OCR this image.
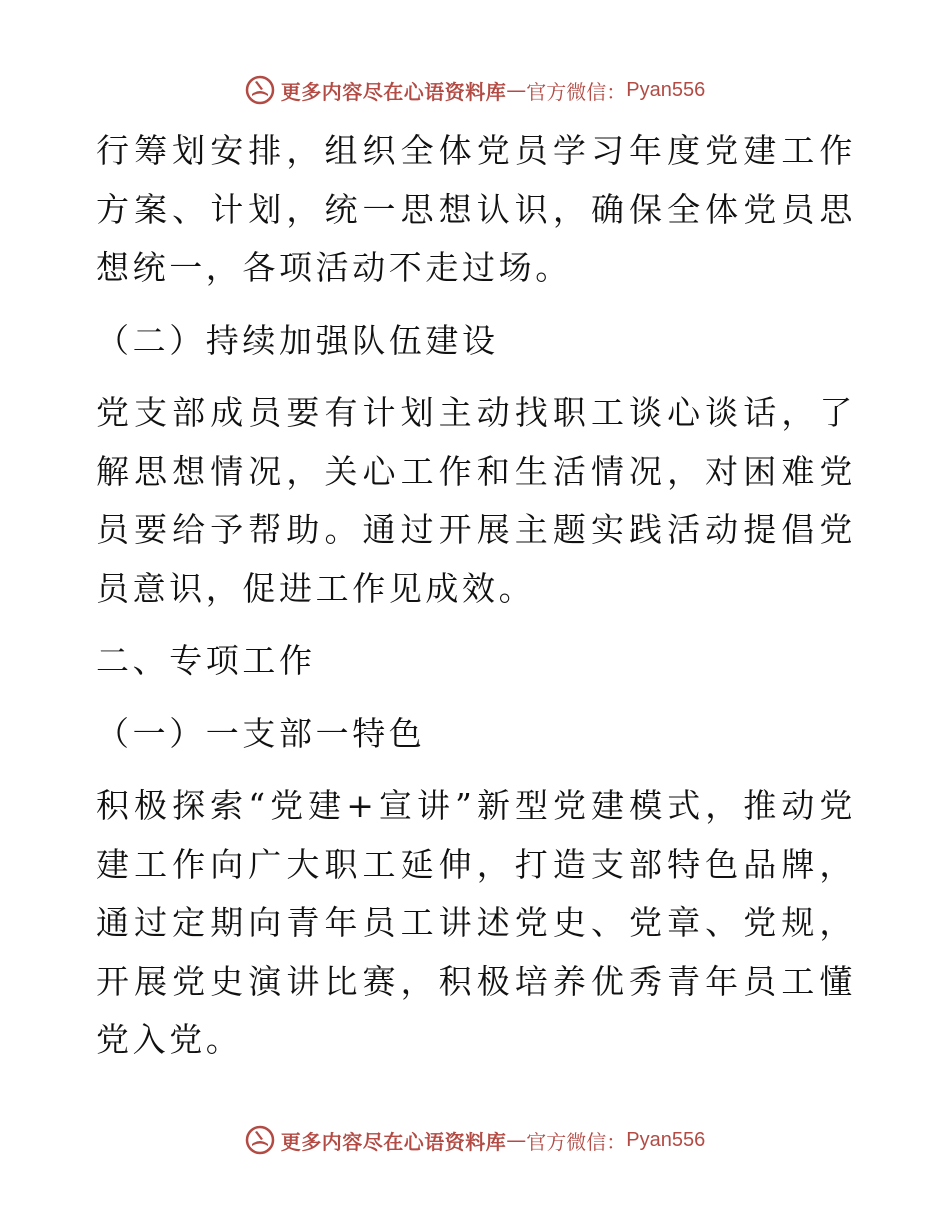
更多内容尽在心语资料库 — 官方微信： Pyan556

行筹划安排，组织全体党员学习年度党建工作方案、计划，统一思想认识，确保全体党员思想统一，各项活动不走过场。

（二）持续加强队伍建设

党支部成员要有计划主动找职工谈心谈话，了解思想情况，关心工作和生活情况，对困难党员要给予帮助。通过开展主题实践活动提倡党员意识，促进工作见成效。

二、专项工作

（一）一支部一特色

积极探索“党建+宣讲”新型党建模式，推动党建工作向广大职工延伸，打造支部特色品牌，通过定期向青年员工讲述党史、党章、党规，开展党史演讲比赛，积极培养优秀青年员工懂党入党。

更多内容尽在心语资料库 — 官方微信： Pyan556
